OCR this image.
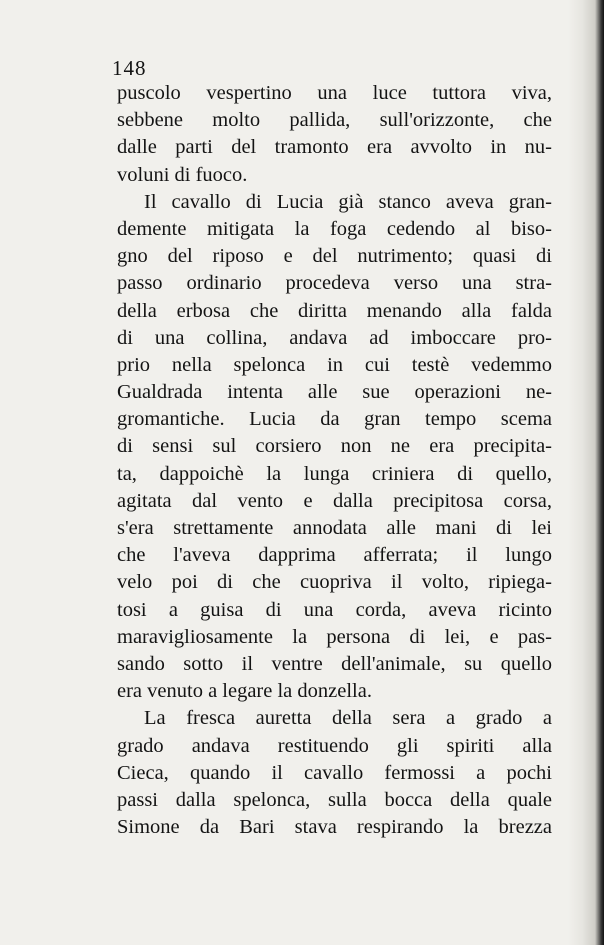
148
puscolo vespertino una luce tuttora viva,
sebbene molto pallida, sull'orizzonte, che
dalle parti del tramonto era avvolto in nu-
voluni di fuoco.
Il cavallo di Lucia già stanco aveva gran-
demente mitigata la foga cedendo al biso-
gno del riposo e del nutrimento; quasi di
passo ordinario procedeva verso una stra-
della erbosa che diritta menando alla falda
di una collina, andava ad imboccare pro-
prio nella spelonca in cui testè vedemmo
Gualdrada intenta alle sue operazioni ne-
gromantiche. Lucia da gran tempo scema
di sensi sul corsiero non ne era precipita-
ta, dappoichè la lunga criniera di quello,
agitata dal vento e dalla precipitosa corsa,
s'era strettamente annodata alle mani di lei
che l'aveva dapprima afferrata; il lungo
velo poi di che cuopriva il volto, ripiega-
tosi a guisa di una corda, aveva ricinto
maravigliosamente la persona di lei, e pas-
sando sotto il ventre dell'animale, su quello
era venuto a legare la donzella.
La fresca auretta della sera a grado a
grado andava restituendo gli spiriti alla
Cieca, quando il cavallo fermossi a pochi
passi dalla spelonca, sulla bocca della quale
Simone da Bari stava respirando la brezza
